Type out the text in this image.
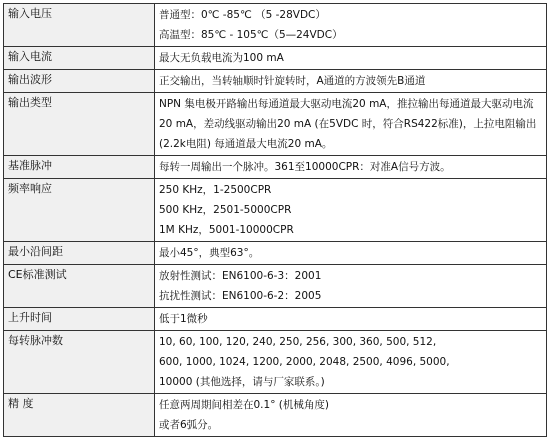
输入电压	普通型：0℃ -85℃ （5 -28VDC）
高温型：85℃ - 105℃（5—24VDC）

输入电流	最大无负载电流为100 mA

输出波形	正交输出，当转轴顺时针旋转时，A通道的方波领先B通道

输出类型	NPN 集电极开路输出每通道最大驱动电流20 mA，推拉输出每通道最大驱动电流20 mA，差动线驱动输出20 mA (在5VDC 时，符合RS422标准)，上拉电阻输出 (2.2k电阻) 每通道最大电流20 mA。

基准脉冲	每转一周输出一个脉冲。361至10000CPR：对准A信号方波。

频率响应	250 KHz，1-2500CPR
500 KHz，2501-5000CPR
1M KHz，5001-10000CPR

最小沿间距	最小45°，典型63°。

CE标准测试	放射性测试：EN6100-6-3：2001
抗扰性测试：EN6100-6-2：2005

上升时间	低于1微秒

每转脉冲数	10, 60, 100, 120, 240, 250, 256, 300, 360, 500, 512,
600, 1000, 1024, 1200, 2000, 2048, 2500, 4096, 5000,
10000 (其他选择，请与厂家联系。)

精 度	任意两周期间相差在0.1° (机械角度)
或者6弧分。
